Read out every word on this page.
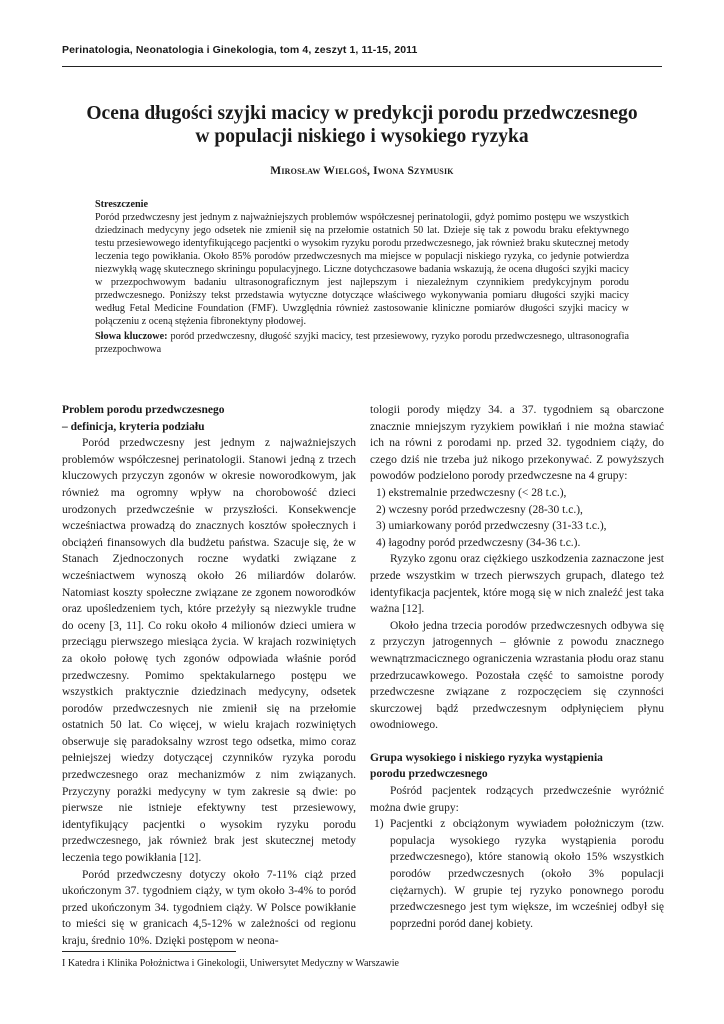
Perinatologia, Neonatologia i Ginekologia, tom 4, zeszyt 1, 11-15, 2011
Ocena długości szyjki macicy w predykcji porodu przedwczesnego
w populacji niskiego i wysokiego ryzyka
Mirosław Wielgoś, Iwona Szymusik
Streszczenie

Poród przedwczesny jest jednym z najważniejszych problemów współczesnej perinatologii, gdyż pomimo postępu we wszystkich dziedzinach medycyny jego odsetek nie zmienił się na przełomie ostatnich 50 lat. Dzieje się tak z powodu braku efektywnego testu przesiewowego identyfikującego pacjentki o wysokim ryzyku porodu przedwczesnego, jak również braku skutecznej metody leczenia tego powikłania. Około 85% porodów przedwczesnych ma miejsce w populacji niskiego ryzyka, co jedynie potwierdza niezwykłą wagę skutecznego skriningu populacyjnego. Liczne dotychczasowe badania wskazują, że ocena długości szyjki macicy w przezpochwowym badaniu ultrasonograficznym jest najlepszym i niezależnym czynnikiem predykcyjnym porodu przedwczesnego. Poniższy tekst przedstawia wytyczne dotyczące właściwego wykonywania pomiaru długości szyjki macicy według Fetal Medicine Foundation (FMF). Uwzględnia również zastosowanie kliniczne pomiarów długości szyjki macicy w połączeniu z oceną stężenia fibronektyny płodowej.

Słowa kluczowe: poród przedwczesny, długość szyjki macicy, test przesiewowy, ryzyko porodu przedwczesnego, ultrasonografia przezpochwowa

Problem porodu przedwczesnego
– definicja, kryteria podziału

Poród przedwczesny jest jednym z najważniejszych problemów współczesnej perinatologii. Stanowi jedną z trzech kluczowych przyczyn zgonów w okresie noworodkowym, jak również ma ogromny wpływ na chorobowość dzieci urodzonych przedwcześnie w przyszłości. Konsekwencje wcześniactwa prowadzą do znacznych kosztów społecznych i obciążeń finansowych dla budżetu państwa. Szacuje się, że w Stanach Zjednoczonych roczne wydatki związane z wcześniactwem wynoszą około 26 miliardów dolarów. Natomiast koszty społeczne związane ze zgonem noworodków oraz upośledzeniem tych, które przeżyły są niezwykle trudne do oceny [3, 11]. Co roku około 4 milionów dzieci umiera w przeciągu pierwszego miesiąca życia. W krajach rozwiniętych za około połowę tych zgonów odpowiada właśnie poród przedwczesny. Pomimo spektakularnego postępu we wszystkich praktycznie dziedzinach medycyny, odsetek porodów przedwczesnych nie zmienił się na przełomie ostatnich 50 lat. Co więcej, w wielu krajach rozwiniętych obserwuje się paradoksalny wzrost tego odsetka, mimo coraz pełniejszej wiedzy dotyczącej czynników ryzyka porodu przedwczesnego oraz mechanizmów z nim związanych. Przyczyny porażki medycyny w tym zakresie są dwie: po pierwsze nie istnieje efektywny test przesiewowy, identyfikujący pacjentki o wysokim ryzyku porodu przedwczesnego, jak również brak jest skutecznej metody leczenia tego powikłania [12].

Poród przedwczesny dotyczy około 7-11% ciąż przed ukończonym 37. tygodniem ciąży, w tym około 3-4% to poród przed ukończonym 34. tygodniem ciąży. W Polsce powikłanie to mieści się w granicach 4,5-12% w zależności od regionu kraju, średnio 10%. Dzięki postępom w neona-

tologii porody między 34. a 37. tygodniem są obarczone znacznie mniejszym ryzykiem powikłań i nie można stawiać ich na równi z porodami np. przed 32. tygodniem ciąży, do czego dziś nie trzeba już nikogo przekonywać. Z powyższych powodów podzielono porody przedwczesne na 4 grupy:

1) ekstremalnie przedwczesny (< 28 t.c.),
2) wczesny poród przedwczesny (28-30 t.c.),
3) umiarkowany poród przedwczesny (31-33 t.c.),
4) łagodny poród przedwczesny (34-36 t.c.).

Ryzyko zgonu oraz ciężkiego uszkodzenia zaznaczone jest przede wszystkim w trzech pierwszych grupach, dlatego też identyfikacja pacjentek, które mogą się w nich znaleźć jest taka ważna [12].

Około jedna trzecia porodów przedwczesnych odbywa się z przyczyn jatrogennych – głównie z powodu znacznego wewnątrzmacicznego ograniczenia wzrastania płodu oraz stanu przedrzucawkowego. Pozostała część to samoistne porody przedwczesne związane z rozpoczęciem się czynności skurczowej bądź przedwczesnym odpłynięciem płynu owodniowego.

Grupa wysokiego i niskiego ryzyka wystąpienia
porodu przedwczesnego

Pośród pacjentek rodzących przedwcześnie wyróżnić można dwie grupy:

1) Pacjentki z obciążonym wywiadem położniczym (tzw. populacja wysokiego ryzyka wystąpienia porodu przedwczesnego), które stanowią około 15% wszystkich porodów przedwczesnych (około 3% populacji ciężarnych). W grupie tej ryzyko ponownego porodu przedwczesnego jest tym większe, im wcześniej odbył się poprzedni poród danej kobiety.
I Katedra i Klinika Położnictwa i Ginekologii, Uniwersytet Medyczny w Warszawie
